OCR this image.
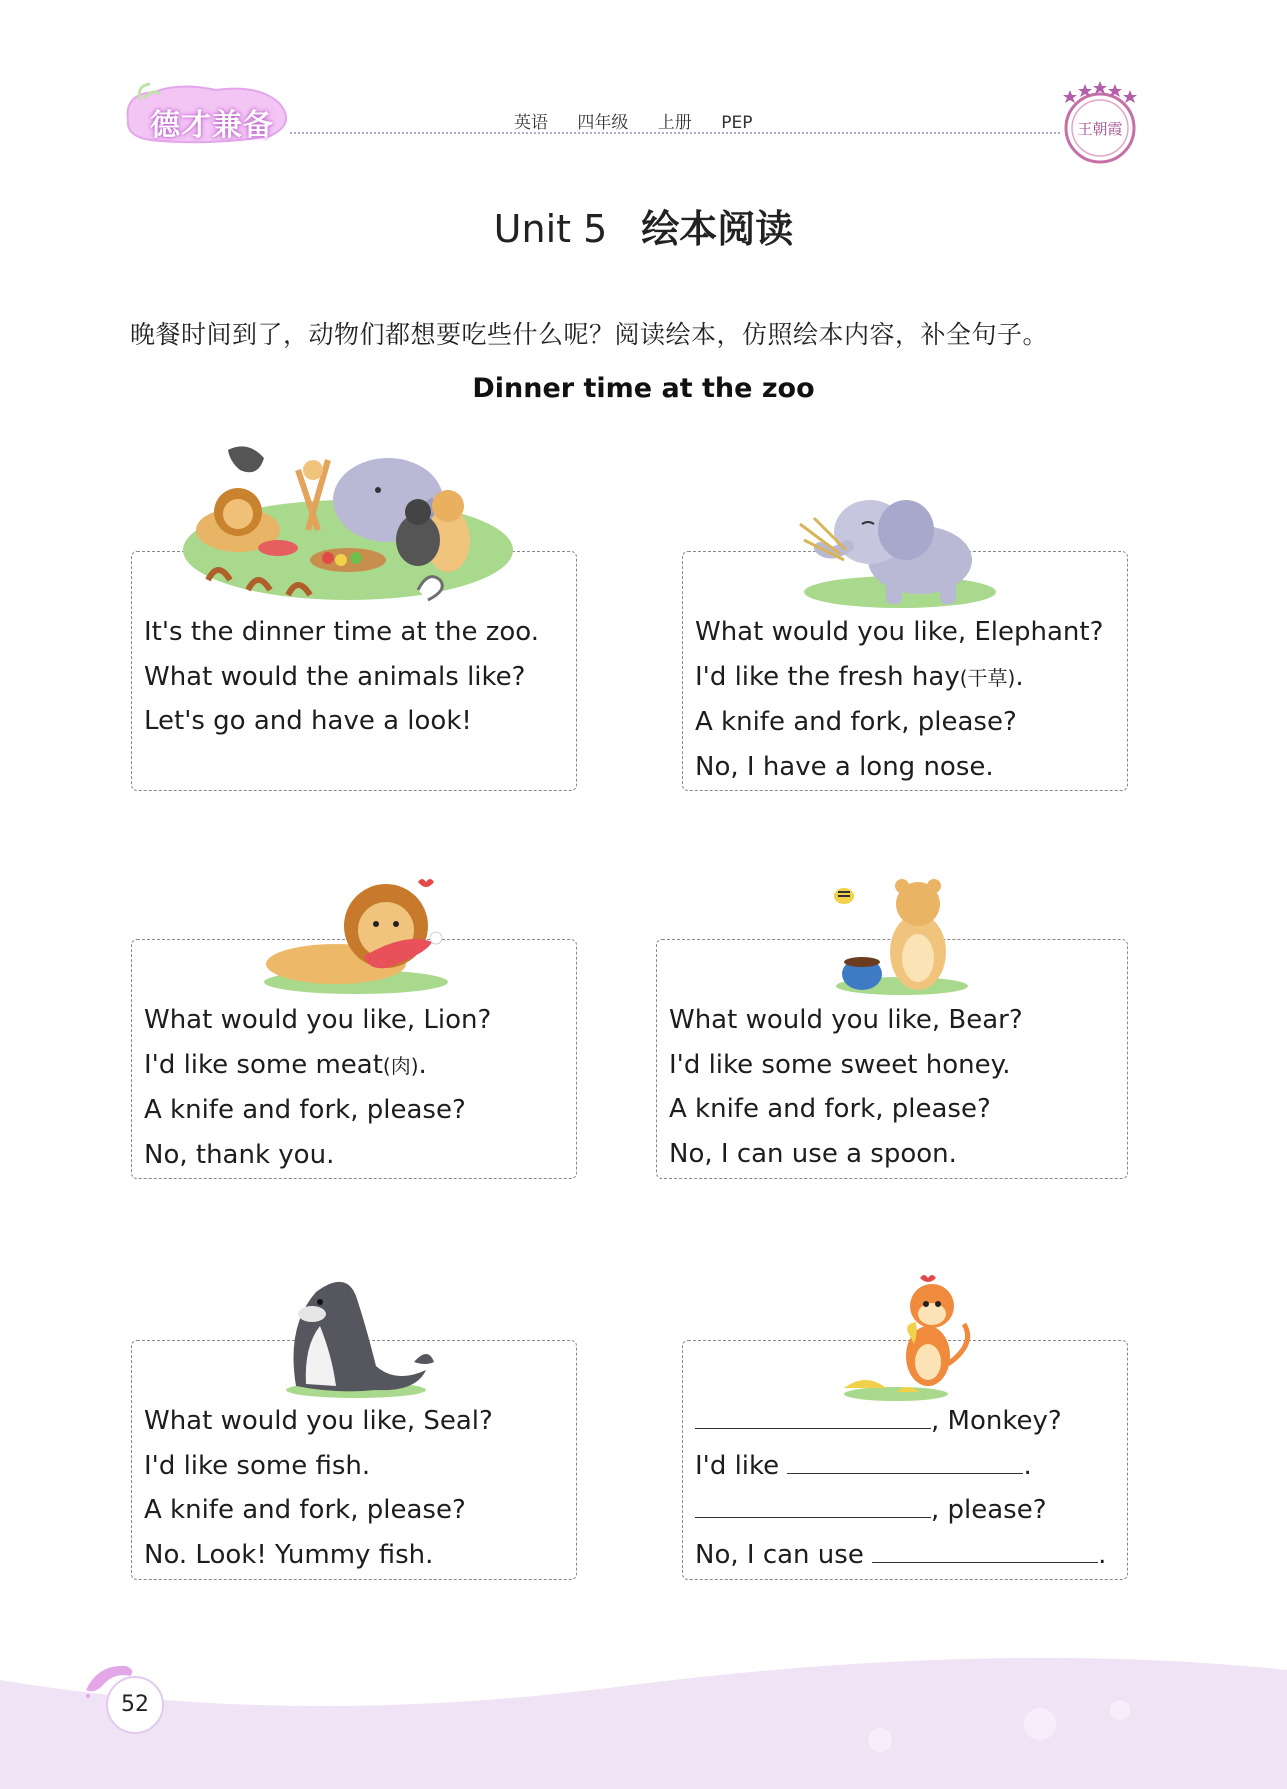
德才兼备	英语 四年级 上册 PEP	王朝霞
Unit 5 绘本阅读
晚餐时间到了，动物们都想要吃些什么呢？阅读绘本，仿照绘本内容，补全句子。
Dinner time at the zoo
It's the dinner time at the zoo.
What would the animals like?
Let's go and have a look!
What would you like, Elephant?
I'd like the fresh hay(干草).
A knife and fork, please?
No, I have a long nose.
What would you like, Lion?
I'd like some meat(肉).
A knife and fork, please?
No, thank you.
What would you like, Bear?
I'd like some sweet honey.
A knife and fork, please?
No, I can use a spoon.
What would you like, Seal?
I'd like some fish.
A knife and fork, please?
No. Look! Yummy fish.
, Monkey?
I'd like	.
, please?
No, I can use	.
52
